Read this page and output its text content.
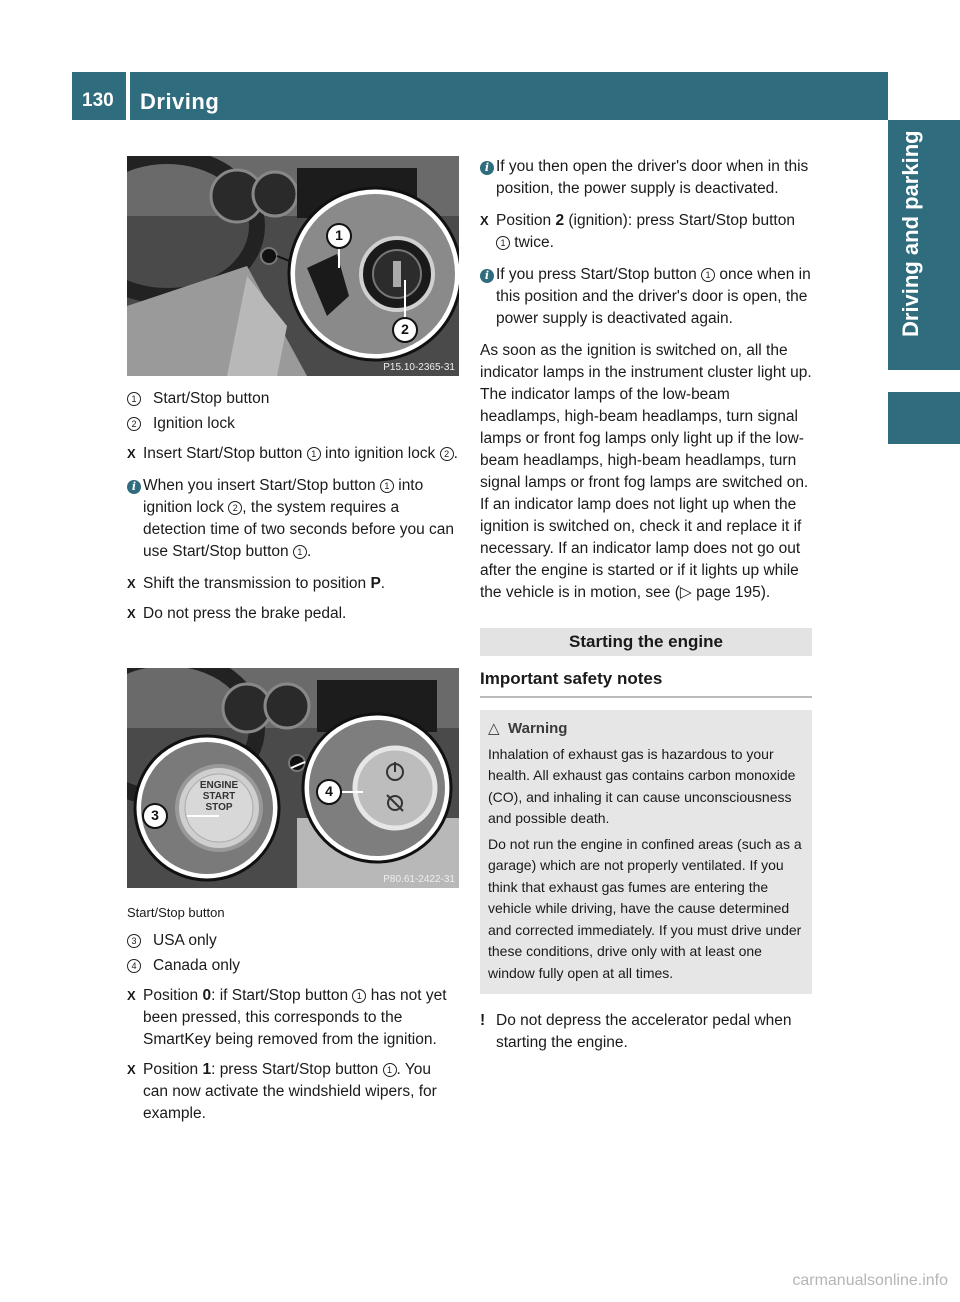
130 Driving
Driving and parking
1
2
P15.10-2365-31
1	Start/Stop button
2	Ignition lock
X Insert Start/Stop button 1 into ignition lock 2 .
i When you insert Start/Stop button 1 into ignition lock 2 , the system requires a detection time of two seconds before you can use Start/Stop button 1 .
X Shift the transmission to position P.
X Do not press the brake pedal.
ENGINE
START
STOP
3
4
P80.61-2422-31
Start/Stop button
3	USA only
4	Canada only
X Position 0: if Start/Stop button 1 has not yet been pressed, this corresponds to the SmartKey being removed from the ignition.
X Position 1: press Start/Stop button 1 . You can now activate the windshield wipers, for example.
i If you then open the driver's door when in this position, the power supply is deactivated.
X Position 2 (ignition): press Start/Stop button 1 twice.
i If you press Start/Stop button 1 once when in this position and the driver's door is open, the power supply is deactivated again.
As soon as the ignition is switched on, all the indicator lamps in the instrument cluster light up. The indicator lamps of the low-beam headlamps, high-beam headlamps, turn signal lamps or front fog lamps only light up if the low-beam headlamps, high-beam headlamps, turn signal lamps or front fog lamps are switched on. If an indicator lamp does not light up when the ignition is switched on, check it and replace it if necessary. If an indicator lamp does not go out after the engine is started or if it lights up while the vehicle is in motion, see (▷ page 195).
Starting the engine
Important safety notes
△ Warning

Inhalation of exhaust gas is hazardous to your health. All exhaust gas contains carbon monoxide (CO), and inhaling it can cause unconsciousness and possible death.

Do not run the engine in confined areas (such as a garage) which are not properly ventilated. If you think that exhaust gas fumes are entering the vehicle while driving, have the cause determined and corrected immediately. If you must drive under these conditions, drive only with at least one window fully open at all times.

! Do not depress the accelerator pedal when starting the engine.
carmanualsonline.info
